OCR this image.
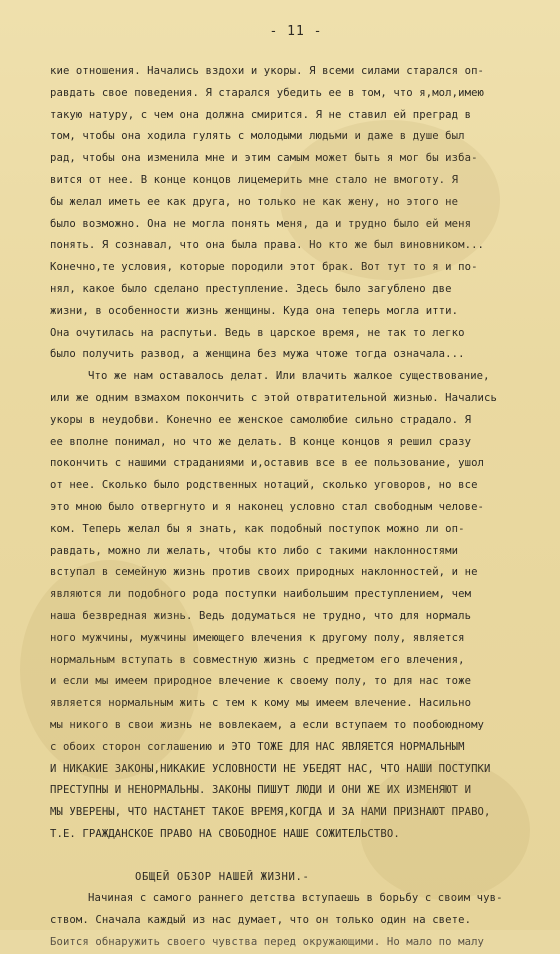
- 11 -
кие отношения. Начались вздохи и укоры. Я всеми силами старался оп-
равдать свое поведения. Я старался убедить ее в том, что я,мол,имею
такую натуру, с чем она должна смирится. Я не ставил ей преград в
том, чтобы она ходила гулять с молодыми людьми и даже в душе был
рад, чтобы она изменила мне и этим самым может быть я мог бы изба-
вится от нее. В конце концов лицемерить мне стало не вмоготу. Я
бы желал иметь ее как друга, но только не как жену, но этого не
было возможно. Она не могла понять меня, да и трудно было ей меня
понять. Я сознавал, что она была права. Но кто же был виновником...
Конечно,те условия, которые породили этот брак. Вот тут то я и по-
нял, какое было сделано преступление. Здесь было загублено две
жизни, в особенности жизнь женщины. Куда она теперь могла итти.
Она очутилась на распутьи. Ведь в царское время, не так то легко
было получить развод, а женщина без мужа чтоже тогда означала...
Что же нам оставалось делат. Или влачить жалкое существование,
или же одним взмахом покончить с этой отвратительной жизнью. Начались
укоры в неудобви. Конечно ее женское самолюбие сильно страдало. Я
ее вполне понимал, но что же делать. В конце концов я решил сразу
покончить с нашими страданиями и,оставив все в ее пользование, ушол
от нее. Сколько было родственных нотаций, сколько уговоров, но все
это мною было отвергнуто и я наконец условно стал свободным челове-
ком. Теперь желал бы я знать, как подобный поступок можно ли оп-
равдать, можно ли желать, чтобы кто либо с такими наклонностями
вступал в семейную жизнь против своих природных наклонностей, и не
являются ли подобного рода поступки наибольшим преступлением, чем
наша безвредная жизнь. Ведь додуматься не трудно, что для нормаль
ного мужчины, мужчины имеющего влечения к другому полу, является
нормальным вступать в совместную жизнь с предметом его влечения,
и если мы имеем природное влечение к своему полу, то для нас тоже
является нормальным жить с тем к кому мы имеем влечение. Насильно
мы никого в свои жизнь не вовлекаем, а если вступаем то пообоюдному
с обоих сторон соглашению и ЭТО ТОЖЕ ДЛЯ НАС ЯВЛЯЕТСЯ НОРМАЛЬНЫМ
И НИКАКИЕ ЗАКОНЫ,НИКАКИЕ УСЛОВНОСТИ НЕ УБЕДЯТ НАС, ЧТО НАШИ ПОСТУПКИ
ПРЕСТУПНЫ И НЕНОРМАЛЬНЫ. ЗАКОНЫ ПИШУТ ЛЮДИ И ОНИ ЖЕ ИХ ИЗМЕНЯЮТ И
МЫ УВЕРЕНЫ, ЧТО НАСТАНЕТ ТАКОЕ ВРЕМЯ,КОГДА И ЗА НАМИ ПРИЗНАЮТ ПРАВО,
Т.Е. ГРАЖДАНСКОЕ ПРАВО НА СВОБОДНОЕ НАШЕ СОЖИТЕЛЬСТВО.
ОБЩЕЙ ОБЗОР НАШЕЙ ЖИЗНИ.-
Начиная с самого раннего детства вступаешь в борьбу с своим чув-
ством. Сначала каждый из нас думает, что он только один на свете.
Боится обнаружить своего чувства перед окружающими. Но мало по малу
